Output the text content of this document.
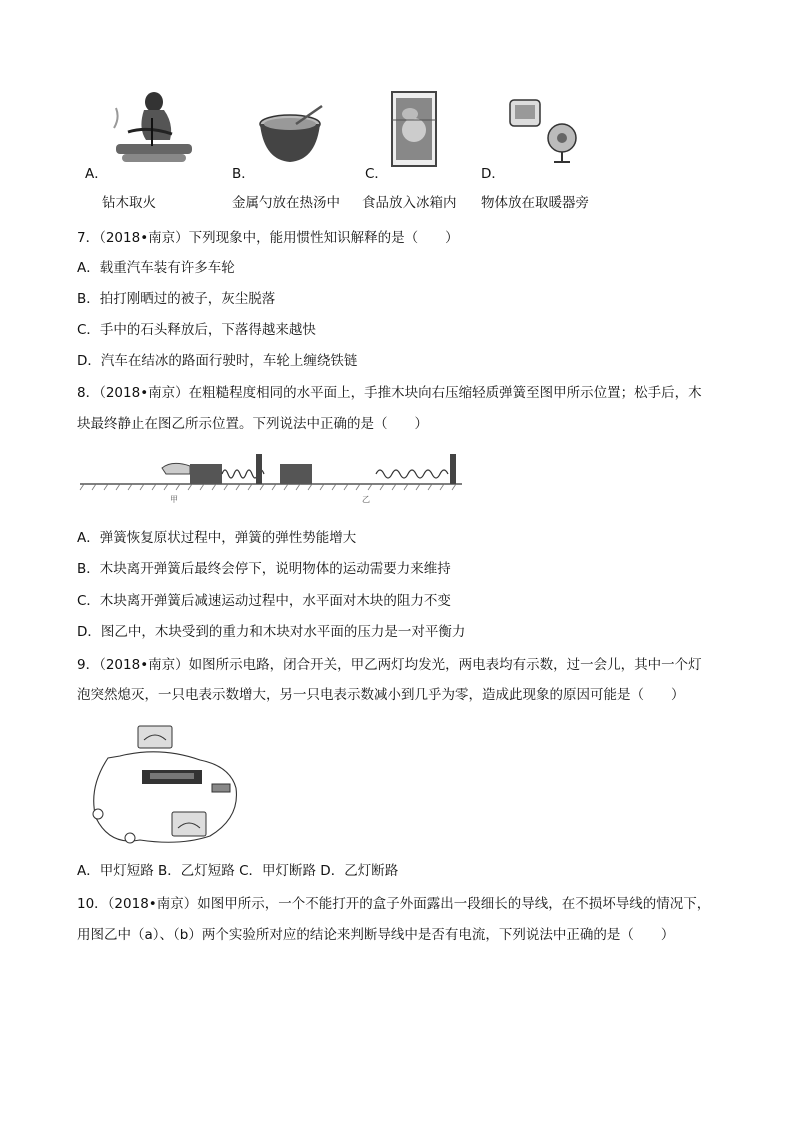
A．
钻木取火
B．
金属勺放在热汤中
C．
食品放入冰箱内
D．
物体放在取暖器旁
7．（2018•南京）下列现象中，能用惯性知识解释的是（　　）
A．载重汽车装有许多车轮
B．拍打刚晒过的被子，灰尘脱落
C．手中的石头释放后，下落得越来越快
D．汽车在结冰的路面行驶时，车轮上缠绕铁链
8．（2018•南京）在粗糙程度相同的水平面上，手推木块向右压缩轻质弹簧至图甲所示位置；松手后，木
块最终静止在图乙所示位置。下列说法中正确的是（　　）
甲	乙
A．弹簧恢复原状过程中，弹簧的弹性势能增大
B．木块离开弹簧后最终会停下，说明物体的运动需要力来维持
C．木块离开弹簧后减速运动过程中，水平面对木块的阻力不变
D．图乙中，木块受到的重力和木块对水平面的压力是一对平衡力
9．（2018•南京）如图所示电路，闭合开关，甲乙两灯均发光，两电表均有示数，过一会儿，其中一个灯
泡突然熄灭，一只电表示数增大，另一只电表示数减小到几乎为零，造成此现象的原因可能是（　　）
A．甲灯短路 B．乙灯短路 C．甲灯断路 D．乙灯断路
10．（2018•南京）如图甲所示，一个不能打开的盒子外面露出一段细长的导线，在不损坏导线的情况下，
用图乙中（a）、（b）两个实验所对应的结论来判断导线中是否有电流，下列说法中正确的是（　　）
